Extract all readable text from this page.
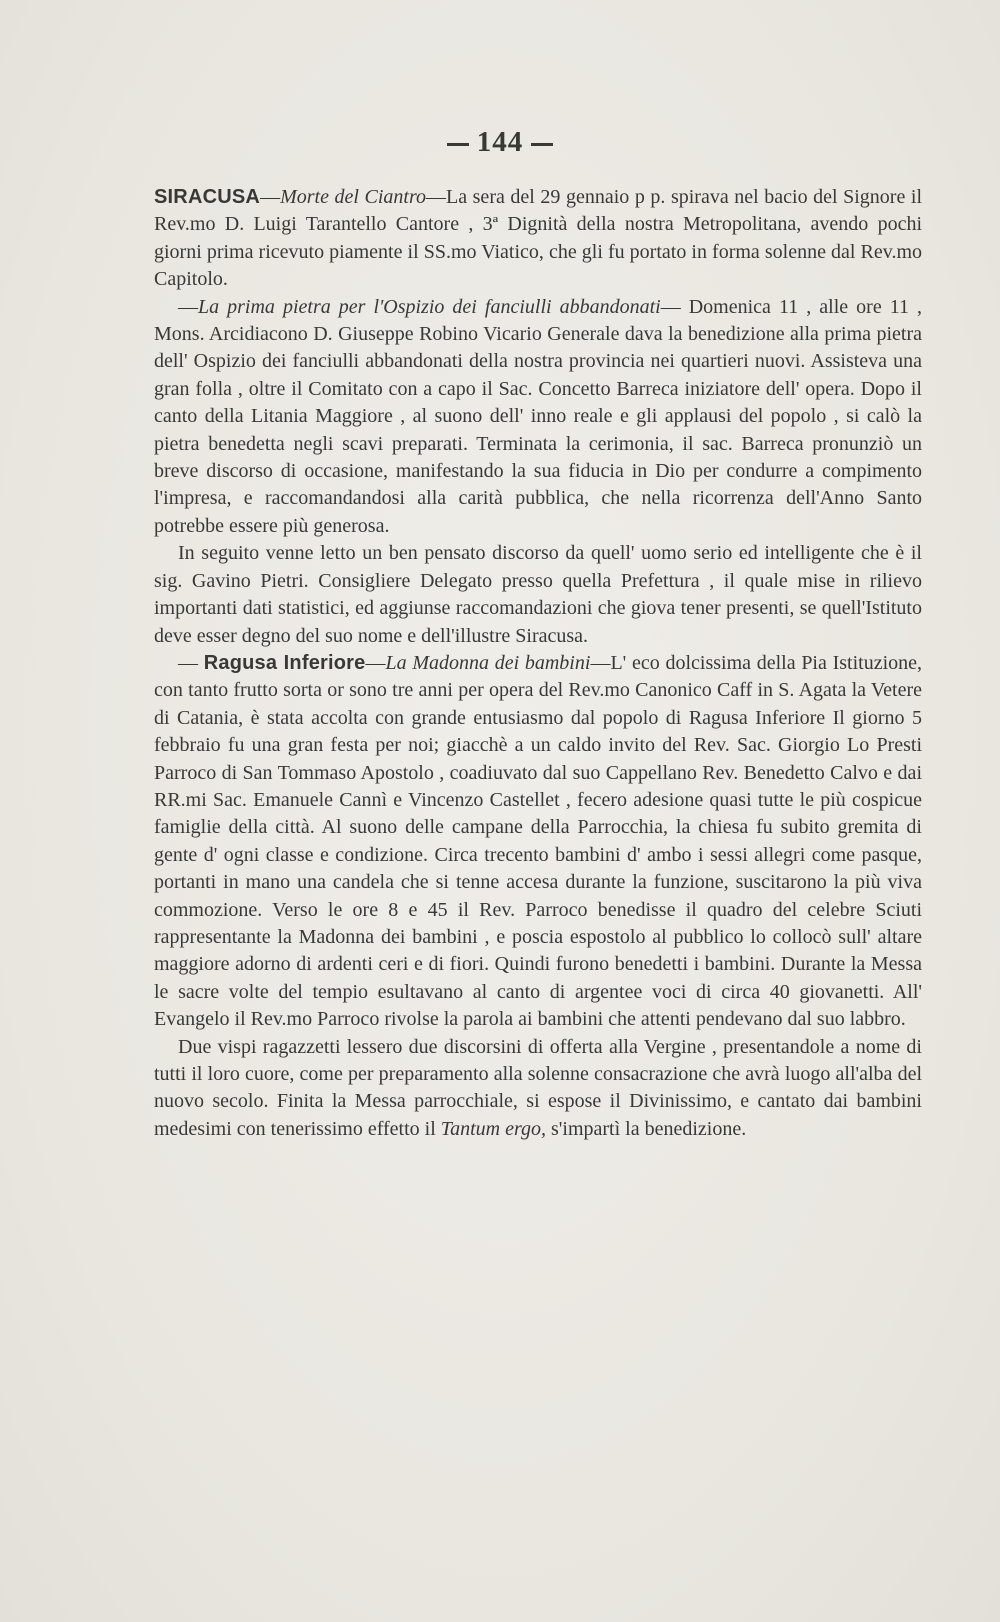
144

SIRACUSA—Morte del Ciantro—La sera del 29 gennaio p p. spirava nel bacio del Signore il Rev.mo D. Luigi Tarantello Cantore , 3ª Dignità della nostra Metropolitana, avendo pochi giorni prima ricevuto piamente il SS.mo Viatico, che gli fu portato in forma solenne dal Rev.mo Capitolo.

—La prima pietra per l'Ospizio dei fanciulli abbandonati— Domenica 11 , alle ore 11 , Mons. Arcidiacono D. Giuseppe Robino Vicario Generale dava la benedizione alla prima pietra dell' Ospizio dei fanciulli abbandonati della nostra provincia nei quartieri nuovi. Assisteva una gran folla , oltre il Comitato con a capo il Sac. Concetto Barreca iniziatore dell' opera. Dopo il canto della Litania Maggiore , al suono dell' inno reale e gli applausi del popolo , si calò la pietra benedetta negli scavi preparati. Terminata la cerimonia, il sac. Barreca pronunziò un breve discorso di occasione, manifestando la sua fiducia in Dio per condurre a compimento l'impresa, e raccomandandosi alla carità pubblica, che nella ricorrenza dell'Anno Santo potrebbe essere più generosa.

In seguito venne letto un ben pensato discorso da quell' uomo serio ed intelligente che è il sig. Gavino Pietri. Consigliere Delegato presso quella Prefettura , il quale mise in rilievo importanti dati statistici, ed aggiunse raccomandazioni che giova tener presenti, se quell'Istituto deve esser degno del suo nome e dell'illustre Siracusa.

— Ragusa Inferiore—La Madonna dei bambini—L' eco dolcissima della Pia Istituzione, con tanto frutto sorta or sono tre anni per opera del Rev.mo Canonico Caff in S. Agata la Vetere di Catania, è stata accolta con grande entusiasmo dal popolo di Ragusa Inferiore Il giorno 5 febbraio fu una gran festa per noi; giacchè a un caldo invito del Rev. Sac. Giorgio Lo Presti Parroco di San Tommaso Apostolo , coadiuvato dal suo Cappellano Rev. Benedetto Calvo e dai RR.mi Sac. Emanuele Cannì e Vincenzo Castellet , fecero adesione quasi tutte le più cospicue famiglie della città. Al suono delle campane della Parrocchia, la chiesa fu subito gremita di gente d' ogni classe e condizione. Circa trecento bambini d' ambo i sessi allegri come pasque, portanti in mano una candela che si tenne accesa durante la funzione, suscitarono la più viva commozione. Verso le ore 8 e 45 il Rev. Parroco benedisse il quadro del celebre Sciuti rappresentante la Madonna dei bambini , e poscia espostolo al pubblico lo collocò sull' altare maggiore adorno di ardenti ceri e di fiori. Quindi furono benedetti i bambini. Durante la Messa le sacre volte del tempio esultavano al canto di argentee voci di circa 40 giovanetti. All' Evangelo il Rev.mo Parroco rivolse la parola ai bambini che attenti pendevano dal suo labbro.

Due vispi ragazzetti lessero due discorsini di offerta alla Vergine , presentandole a nome di tutti il loro cuore, come per preparamento alla solenne consacrazione che avrà luogo all'alba del nuovo secolo. Finita la Messa parrocchiale, si espose il Divinissimo, e cantato dai bambini medesimi con tenerissimo effetto il Tantum ergo, s'impartì la benedizione.
